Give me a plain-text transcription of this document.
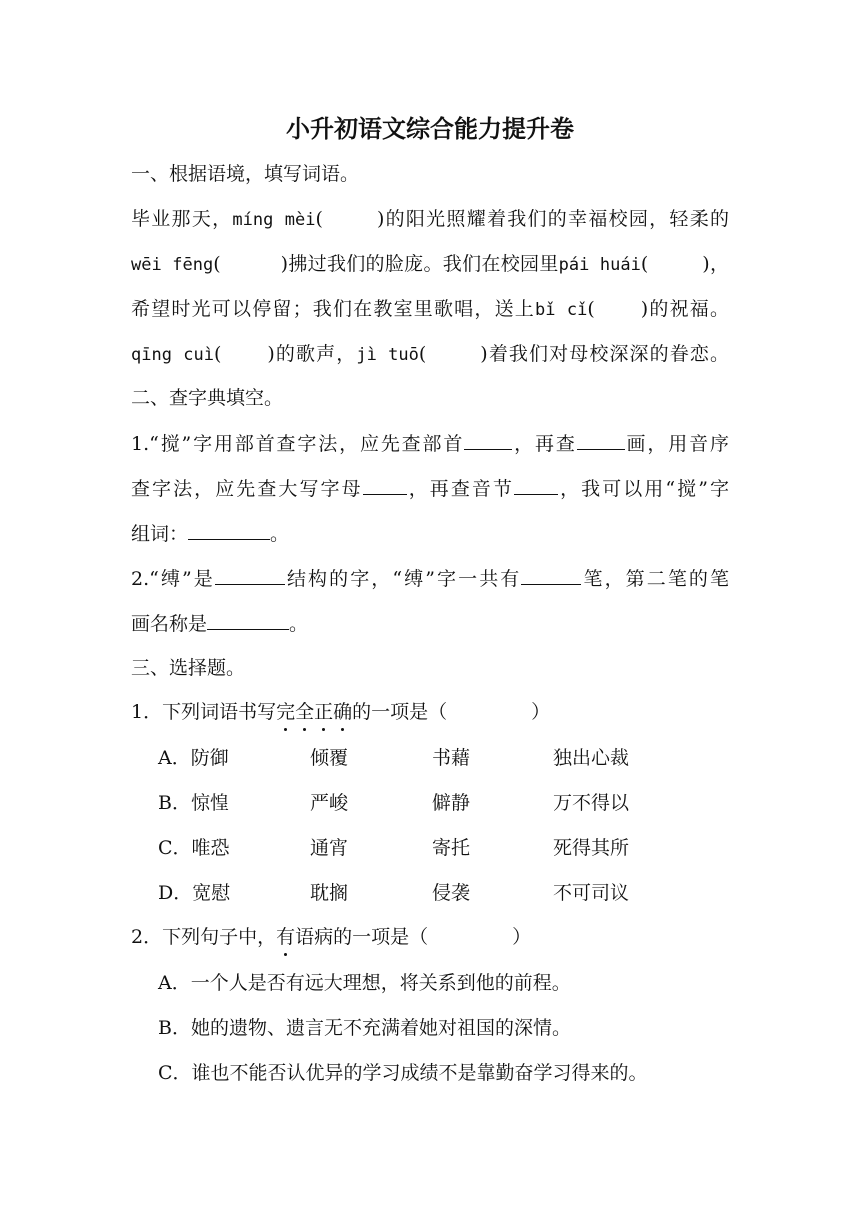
小升初语文综合能力提升卷
一、根据语境，填写词语。
毕业那天，míng mèi(	)的阳光照耀着我们的幸福校园，轻柔的
wēi fēng(	)拂过我们的脸庞。我们在校园里pái huái(	)，
希望时光可以停留；我们在教室里歌唱，送上bǐ cǐ( )的祝福。
qīng cuì( )的歌声，jì tuō(	)着我们对母校深深的眷恋。
二、查字典填空。
1.“搅”字用部首查字法，应先查部首	，再查	画，用音序
查字法，应先查大写字母 ，再查音节 ，我可以用“搅”字
组词：	。
2.“缚”是	结构的字，“缚”字一共有	笔，第二笔的笔
画名称是	。
三、选择题。
1．下列词语书写完全正确的一项是（	）
A．防御	倾覆	书藉	独出心裁
B．惊惶	严峻	僻静	万不得以
C．唯恐	通宵	寄托	死得其所
D．宽慰	耽搁	侵袭	不可司议
2．下列句子中，有语病的一项是（	）
A．一个人是否有远大理想，将关系到他的前程。
B．她的遗物、遗言无不充满着她对祖国的深情。
C．谁也不能否认优异的学习成绩不是靠勤奋学习得来的。
